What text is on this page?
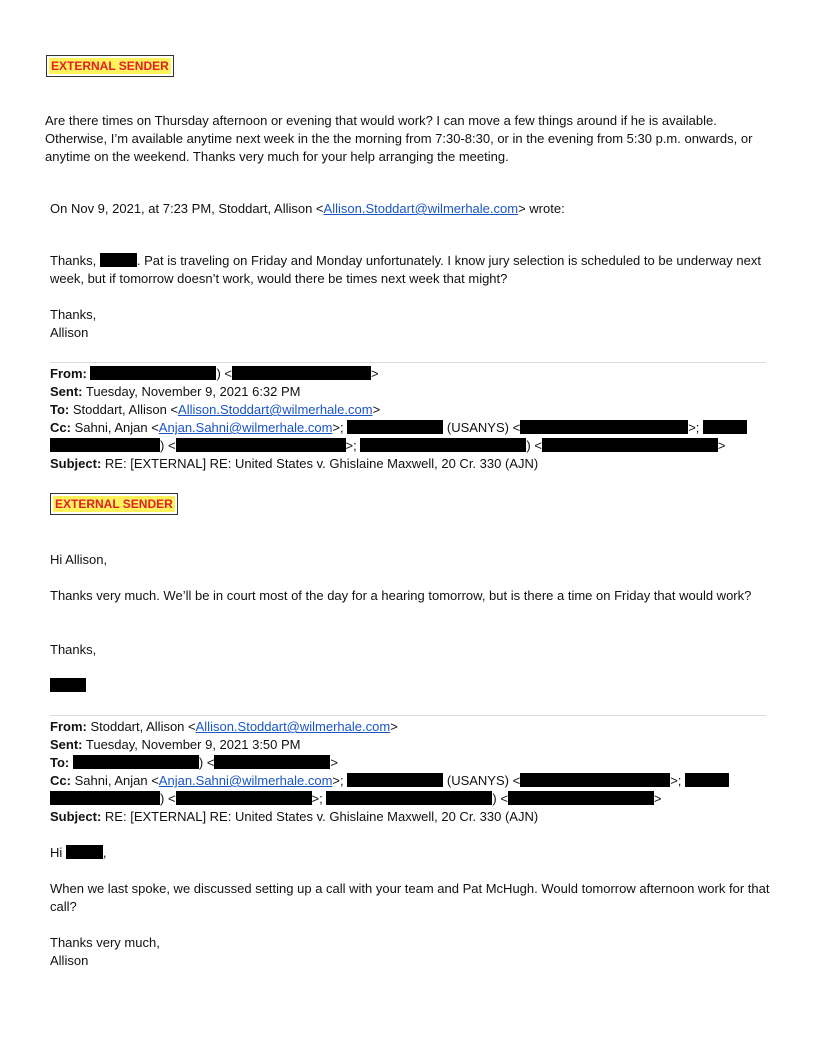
EXTERNAL SENDER

Are there times on Thursday afternoon or evening that would work? I can move a few things around if he is available. Otherwise, I’m available anytime next week in the the morning from 7:30-8:30, or in the evening from 5:30 p.m. onwards, or anytime on the weekend. Thanks very much for your help arranging the meeting.

On Nov 9, 2021, at 7:23 PM, Stoddart, Allison <Allison.Stoddart@wilmerhale.com> wrote:

Thanks,	. Pat is traveling on Friday and Monday unfortunately. I know jury selection is scheduled to be underway next week, but if tomorrow doesn’t work, would there be times next week that might?

Thanks,
Allison
From:	) <	>
Sent: Tuesday, November 9, 2021 6:32 PM
To: Stoddart, Allison <Allison.Stoddart@wilmerhale.com>
Cc: Sahni, Anjan <Anjan.Sahni@wilmerhale.com>;	(USANYS) <	>;
) <	>;	) <	>
Subject: RE: [EXTERNAL] RE: United States v. Ghislaine Maxwell, 20 Cr. 330 (AJN)
EXTERNAL SENDER
Hi Allison,

Thanks very much. We’ll be in court most of the day for a hearing tomorrow, but is there a time on Friday that would work?

Thanks,
From: Stoddart, Allison <Allison.Stoddart@wilmerhale.com>
Sent: Tuesday, November 9, 2021 3:50 PM
To:	) <	>
Cc: Sahni, Anjan <Anjan.Sahni@wilmerhale.com>;	(USANYS) <	>;
) <	>;	) <	>
Subject: RE: [EXTERNAL] RE: United States v. Ghislaine Maxwell, 20 Cr. 330 (AJN)
Hi	,

When we last spoke, we discussed setting up a call with your team and Pat McHugh. Would tomorrow afternoon work for that call?

Thanks very much,
Allison
